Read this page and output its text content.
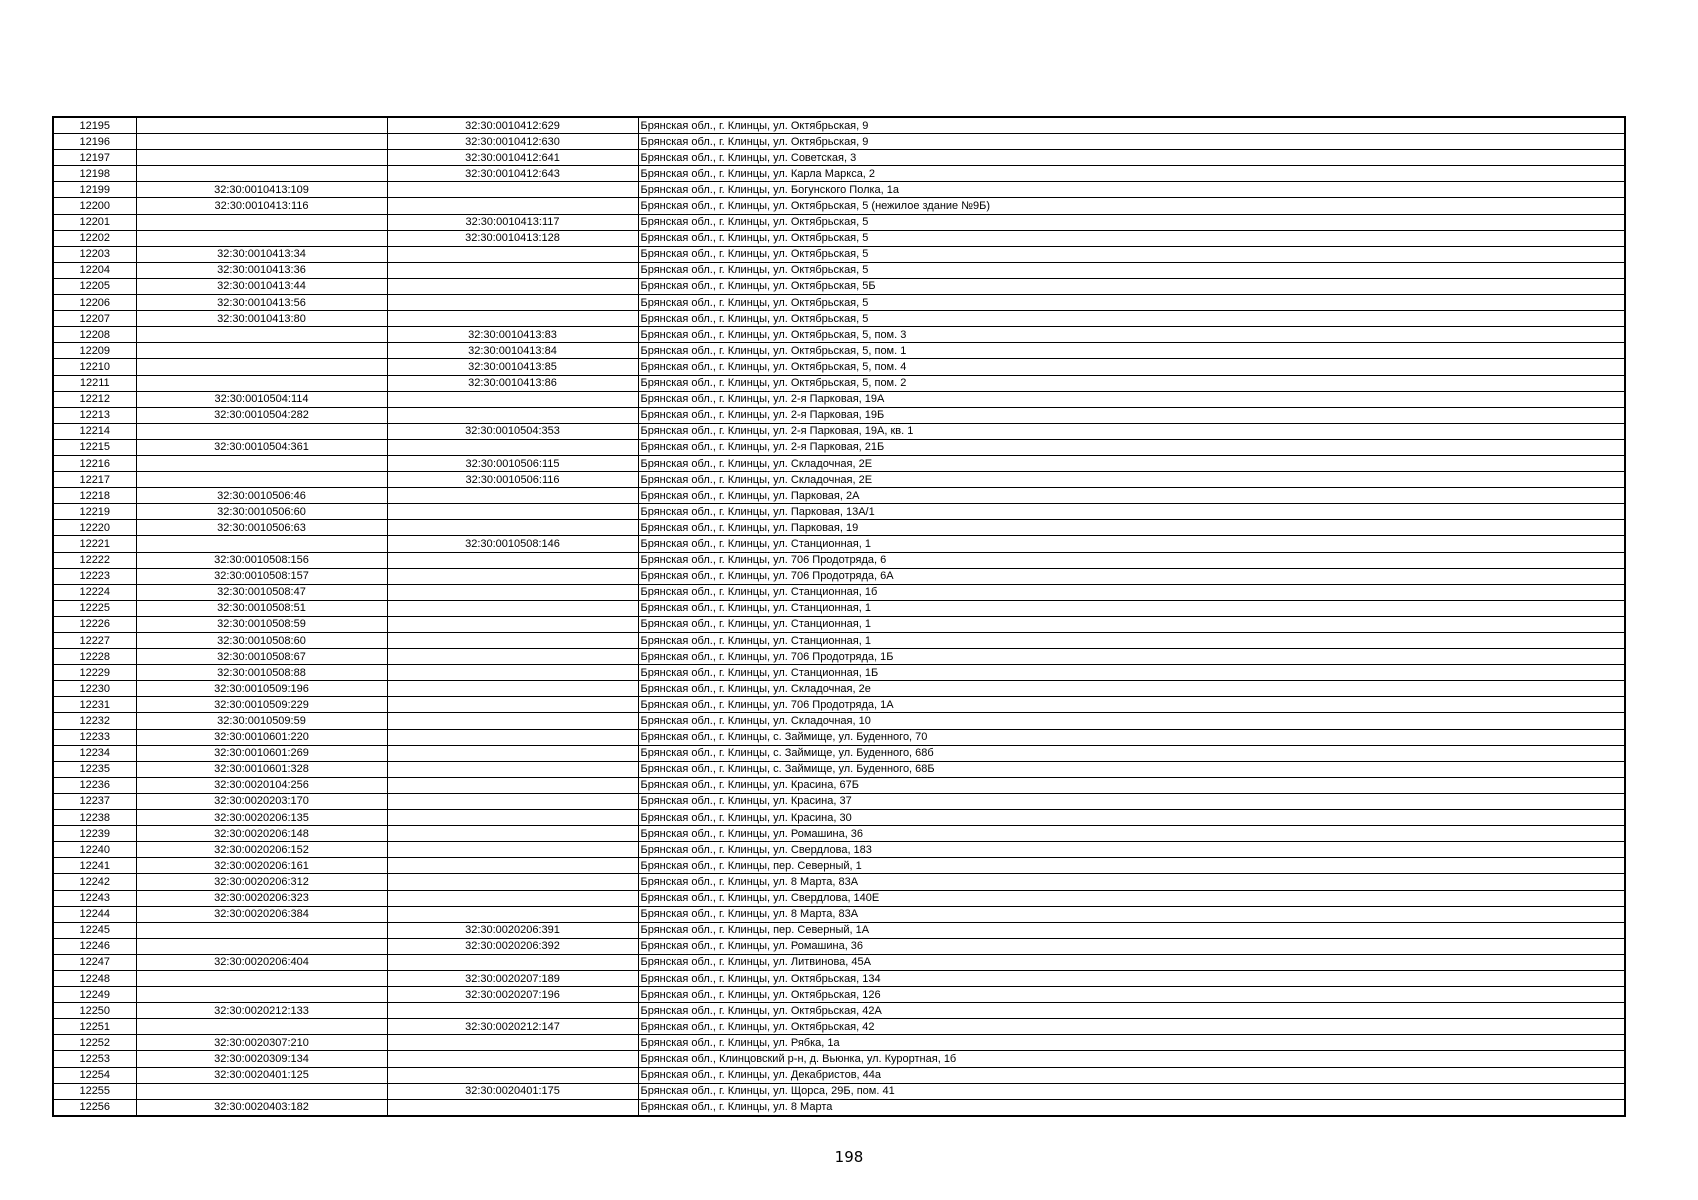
12195		32:30:0010412:629	Брянская обл., г. Клинцы, ул. Октябрьская, 9
12196		32:30:0010412:630	Брянская обл., г. Клинцы, ул. Октябрьская, 9
12197		32:30:0010412:641	Брянская обл., г. Клинцы, ул. Советская, 3
12198		32:30:0010412:643	Брянская обл., г. Клинцы, ул. Карла Маркса, 2
12199	32:30:0010413:109		Брянская обл., г. Клинцы, ул. Богунского Полка, 1а
12200	32:30:0010413:116		Брянская обл., г. Клинцы, ул. Октябрьская, 5 (нежилое здание №9Б)
12201		32:30:0010413:117	Брянская обл., г. Клинцы, ул. Октябрьская, 5
12202		32:30:0010413:128	Брянская обл., г. Клинцы, ул. Октябрьская, 5
12203	32:30:0010413:34		Брянская обл., г. Клинцы, ул. Октябрьская, 5
12204	32:30:0010413:36		Брянская обл., г. Клинцы, ул. Октябрьская, 5
12205	32:30:0010413:44		Брянская обл., г. Клинцы, ул. Октябрьская, 5Б
12206	32:30:0010413:56		Брянская обл., г. Клинцы, ул. Октябрьская, 5
12207	32:30:0010413:80		Брянская обл., г. Клинцы, ул. Октябрьская, 5
12208		32:30:0010413:83	Брянская обл., г. Клинцы, ул. Октябрьская, 5, пом. 3
12209		32:30:0010413:84	Брянская обл., г. Клинцы, ул. Октябрьская, 5, пом. 1
12210		32:30:0010413:85	Брянская обл., г. Клинцы, ул. Октябрьская, 5, пом. 4
12211		32:30:0010413:86	Брянская обл., г. Клинцы, ул. Октябрьская, 5, пом. 2
12212	32:30:0010504:114		Брянская обл., г. Клинцы, ул. 2-я Парковая, 19А
12213	32:30:0010504:282		Брянская обл., г. Клинцы, ул. 2-я Парковая, 19Б
12214		32:30:0010504:353	Брянская обл., г. Клинцы, ул. 2-я Парковая, 19А, кв. 1
12215	32:30:0010504:361		Брянская обл., г. Клинцы, ул. 2-я Парковая, 21Б
12216		32:30:0010506:115	Брянская обл., г. Клинцы, ул. Складочная, 2Е
12217		32:30:0010506:116	Брянская обл., г. Клинцы, ул. Складочная, 2Е
12218	32:30:0010506:46		Брянская обл., г. Клинцы, ул. Парковая, 2А
12219	32:30:0010506:60		Брянская обл., г. Клинцы, ул. Парковая, 13А/1
12220	32:30:0010506:63		Брянская обл., г. Клинцы, ул. Парковая, 19
12221		32:30:0010508:146	Брянская обл., г. Клинцы, ул. Станционная, 1
12222	32:30:0010508:156		Брянская обл., г. Клинцы, ул. 706 Продотряда, 6
12223	32:30:0010508:157		Брянская обл., г. Клинцы, ул. 706 Продотряда, 6А
12224	32:30:0010508:47		Брянская обл., г. Клинцы, ул. Станционная, 1б
12225	32:30:0010508:51		Брянская обл., г. Клинцы, ул. Станционная, 1
12226	32:30:0010508:59		Брянская обл., г. Клинцы, ул. Станционная, 1
12227	32:30:0010508:60		Брянская обл., г. Клинцы, ул. Станционная, 1
12228	32:30:0010508:67		Брянская обл., г. Клинцы, ул. 706 Продотряда, 1Б
12229	32:30:0010508:88		Брянская обл., г. Клинцы, ул. Станционная, 1Б
12230	32:30:0010509:196		Брянская обл., г. Клинцы, ул. Складочная, 2е
12231	32:30:0010509:229		Брянская обл., г. Клинцы, ул. 706 Продотряда, 1А
12232	32:30:0010509:59		Брянская обл., г. Клинцы, ул. Складочная, 10
12233	32:30:0010601:220		Брянская обл., г. Клинцы, с. Займище, ул. Буденного, 70
12234	32:30:0010601:269		Брянская обл., г. Клинцы, с. Займище, ул. Буденного, 68б
12235	32:30:0010601:328		Брянская обл., г. Клинцы, с. Займище, ул. Буденного, 68Б
12236	32:30:0020104:256		Брянская обл., г. Клинцы, ул. Красина, 67Б
12237	32:30:0020203:170		Брянская обл., г. Клинцы, ул. Красина, 37
12238	32:30:0020206:135		Брянская обл., г. Клинцы, ул. Красина, 30
12239	32:30:0020206:148		Брянская обл., г. Клинцы, ул. Ромашина, 36
12240	32:30:0020206:152		Брянская обл., г. Клинцы, ул. Свердлова, 183
12241	32:30:0020206:161		Брянская обл., г. Клинцы, пер. Северный, 1
12242	32:30:0020206:312		Брянская обл., г. Клинцы, ул. 8 Марта, 83А
12243	32:30:0020206:323		Брянская обл., г. Клинцы, ул. Свердлова, 140Е
12244	32:30:0020206:384		Брянская обл., г. Клинцы, ул. 8 Марта, 83А
12245		32:30:0020206:391	Брянская обл., г. Клинцы, пер. Северный, 1А
12246		32:30:0020206:392	Брянская обл., г. Клинцы, ул. Ромашина, 36
12247	32:30:0020206:404		Брянская обл., г. Клинцы, ул. Литвинова, 45А
12248		32:30:0020207:189	Брянская обл., г. Клинцы, ул. Октябрьская, 134
12249		32:30:0020207:196	Брянская обл., г. Клинцы, ул. Октябрьская, 126
12250	32:30:0020212:133		Брянская обл., г. Клинцы, ул. Октябрьская, 42А
12251		32:30:0020212:147	Брянская обл., г. Клинцы, ул. Октябрьская, 42
12252	32:30:0020307:210		Брянская обл., г. Клинцы, ул. Рябка, 1а
12253	32:30:0020309:134		Брянская обл., Клинцовский р-н, д. Вьюнка, ул. Курортная, 1б
12254	32:30:0020401:125		Брянская обл., г. Клинцы, ул. Декабристов, 44а
12255		32:30:0020401:175	Брянская обл., г. Клинцы, ул. Щорса, 29Б, пом. 41
12256	32:30:0020403:182		Брянская обл., г. Клинцы, ул. 8 Марта
198
